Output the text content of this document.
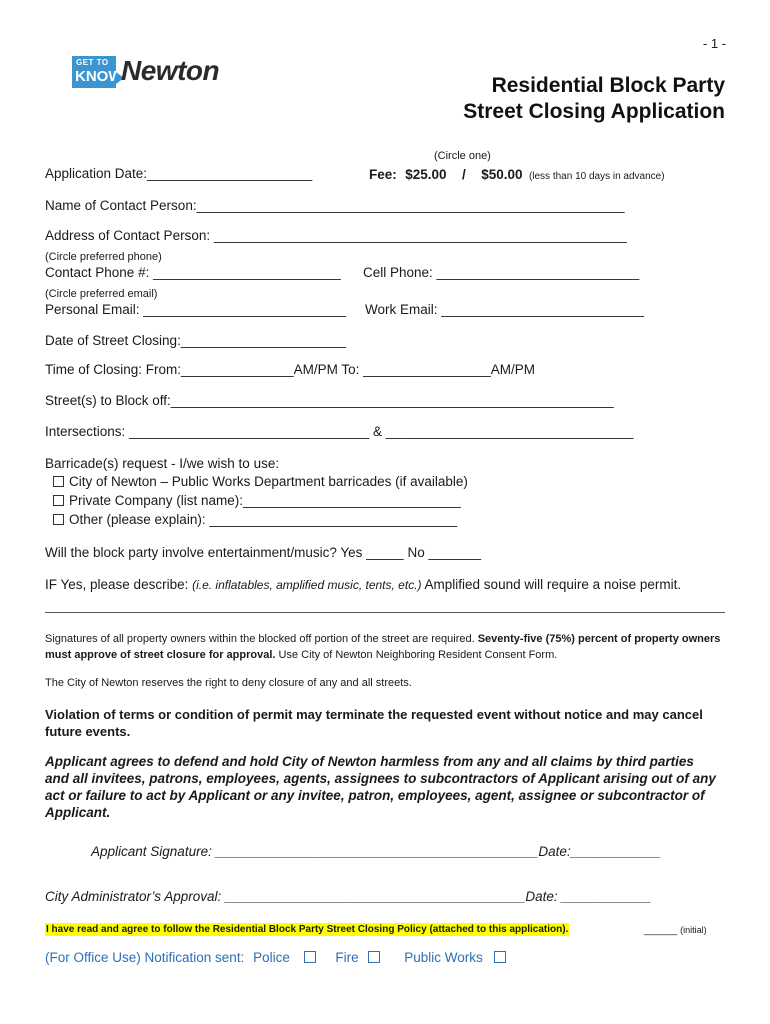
- 1 -
GET TO
KNOW
Newton	Residential Block Party
Street Closing Application
(Circle one)
Application Date:______________________	Fee: $25.00 / $50.00 (less than 10 days in advance)
Name of Contact Person:_________________________________________________________
Address of Contact Person: _______________________________________________________
(Circle preferred phone)
Contact Phone #: _________________________ Cell Phone: ___________________________
(Circle preferred email)
Personal Email: ___________________________ Work Email: ___________________________
Date of Street Closing:______________________
Time of Closing: From:_______________AM/PM To: _________________AM/PM
Street(s) to Block off:___________________________________________________________
Intersections: ________________________________ & _________________________________
Barricade(s) request - I/we wish to use:
City of Newton – Public Works Department barricades (if available)
Private Company (list name):_____________________________
Other (please explain): _________________________________
Will the block party involve entertainment/music? Yes _____ No _______
IF Yes, please describe: (i.e. inflatables, amplified music, tents, etc.) Amplified sound will require a noise permit.
Signatures of all property owners within the blocked off portion of the street are required. Seventy-five (75%) percent of property owners must approve of street closure for approval. Use City of Newton Neighboring Resident Consent Form.
The City of Newton reserves the right to deny closure of any and all streets.
Violation of terms or condition of permit may terminate the requested event without notice and may cancel future events.
Applicant agrees to defend and hold City of Newton harmless from any and all claims by third parties and all invitees, patrons, employees, agents, assignees to subcontractors of Applicant arising out of any act or failure to act by Applicant or any invitee, patron, employees, agent, assignee or subcontractor of Applicant.
Applicant Signature: ___________________________________________Date:____________
City Administrator’s Approval: ________________________________________Date: ____________
I have read and agree to follow the Residential Block Party Street Closing Policy (attached to this application).	______ (initial)
(For Office Use) Notification sent: Police	Fire	Public Works
